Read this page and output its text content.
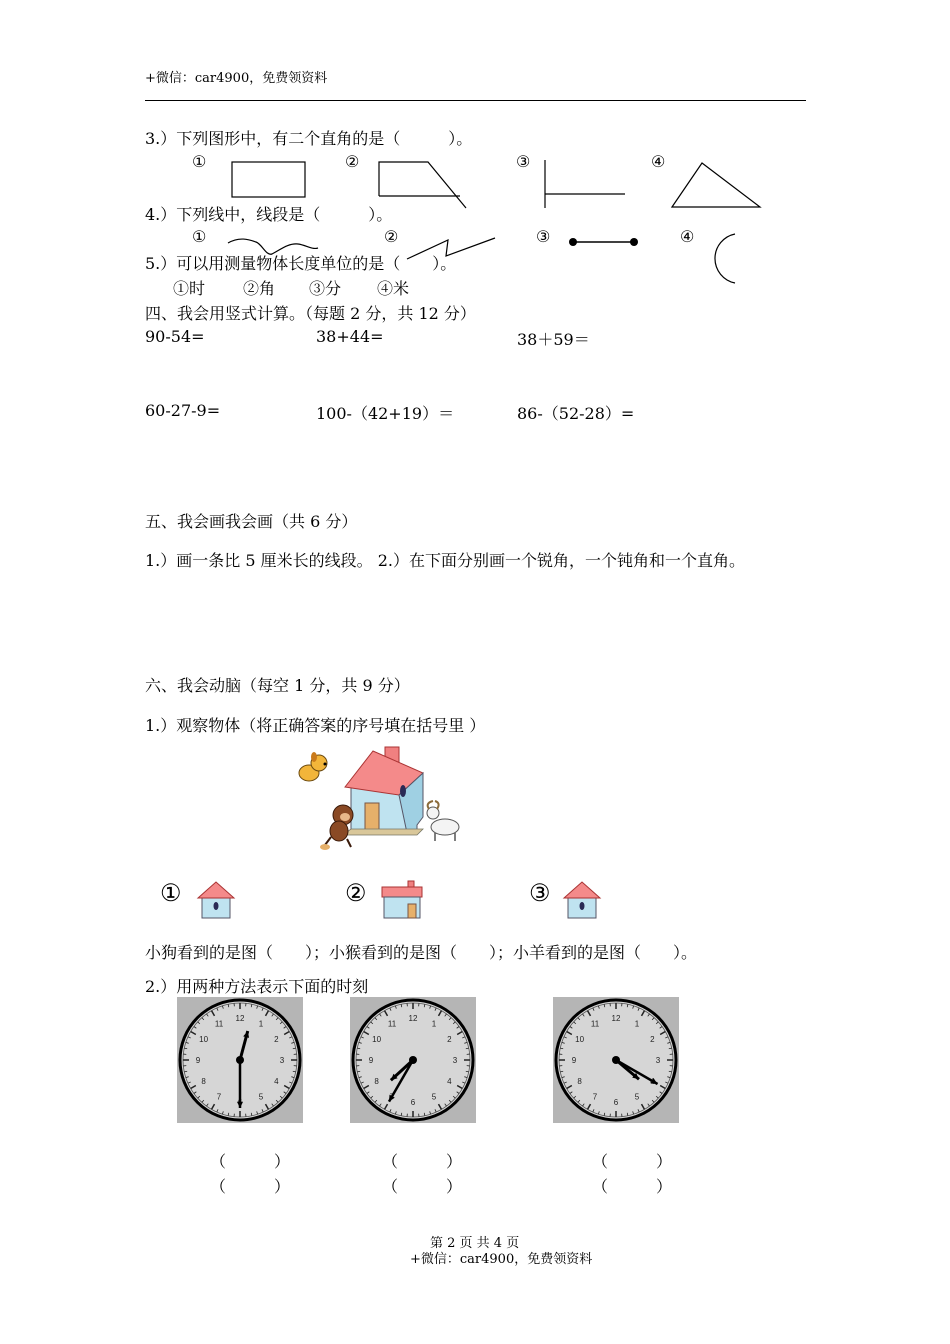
+微信：car4900，免费领资料
3.）下列图形中，有二个直角的是（　　　）。
①	②	③	④
4.）下列线中，线段是（　　　）。
①	②	③	④
5.）可以用测量物体长度单位的是（　　）。
①时 ②角 ③分 ④米
四、我会用竖式计算。（每题 2 分，共 12 分）
90-54=	38+44=	38＋59＝
60-27-9=	100-（42+19）＝	86-（52-28）=
五、我会画我会画（共 6 分）
1.）画一条比 5 厘米长的线段。 2.）在下面分别画一个锐角，一个钝角和一个直角。
六、我会动脑（每空 1 分，共 9 分）
1.）观察物体（将正确答案的序号填在括号里 ）
①	②	③
小狗看到的是图（　　）；小猴看到的是图（　　）；小羊看到的是图（　　）。
2.）用两种方法表示下面的时刻
12
1
2
3
4
5
7
8
9
10
11
12
1
2
3
4
5
6
8
9
10
11
12
1
2
3
5
6
7
8
9
10
11
（　　　）
（　　　）
（　　　）
（　　　）
（　　　）
（　　　）
第 2 页 共 4 页
+微信：car4900，免费领资料
